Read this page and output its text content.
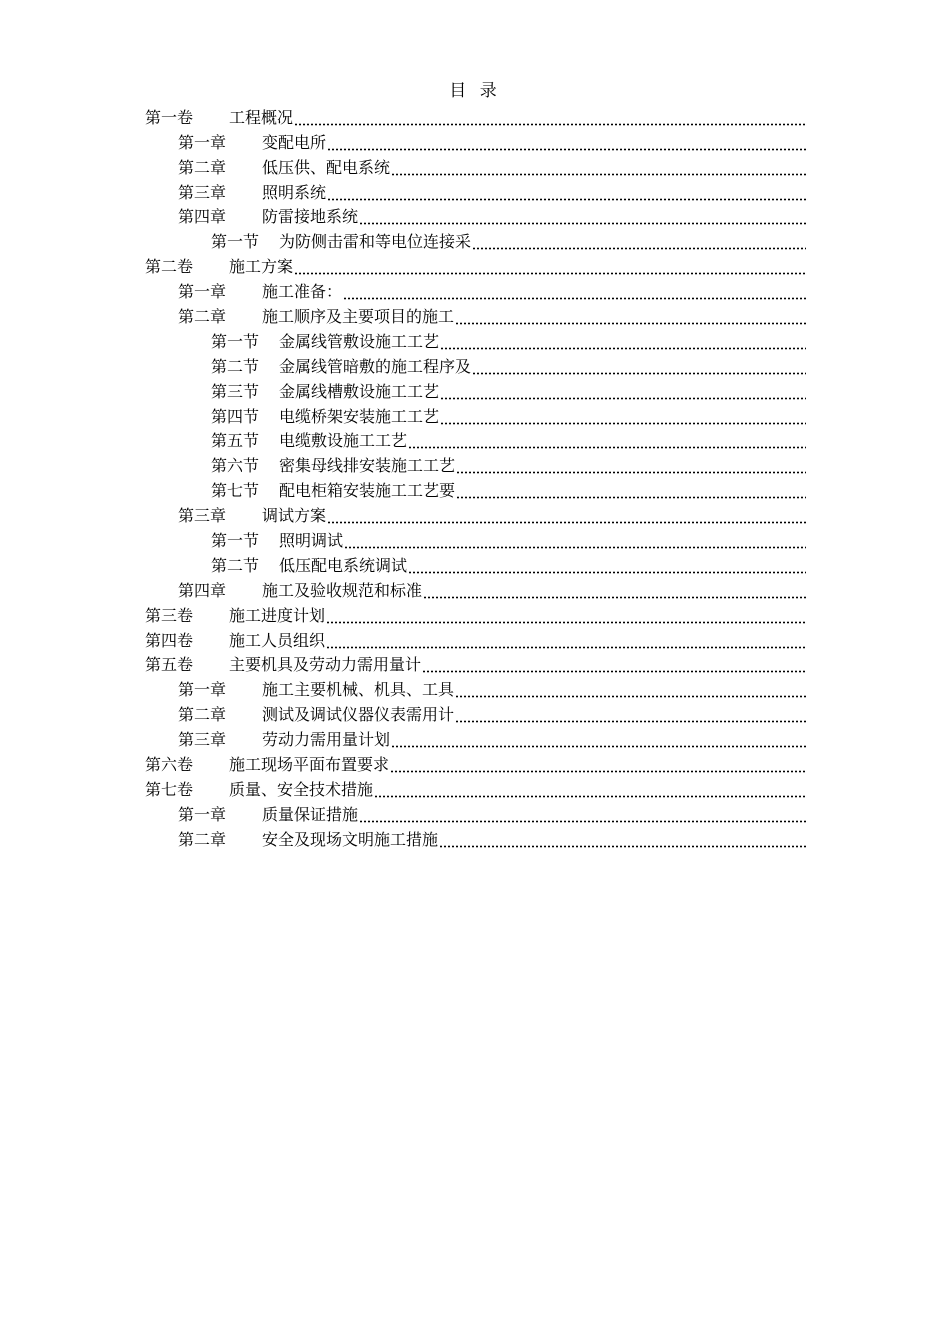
目 录
第一卷	工程概况
第一章	变配电所
第二章	低压供、配电系统
第三章	照明系统
第四章	防雷接地系统
第一节	为防侧击雷和等电位连接采
第二卷	施工方案
第一章	施工准备：
第二章	施工顺序及主要项目的施工
第一节	金属线管敷设施工工艺
第二节	金属线管暗敷的施工程序及
第三节	金属线槽敷设施工工艺
第四节	电缆桥架安装施工工艺
第五节	电缆敷设施工工艺
第六节	密集母线排安装施工工艺
第七节	配电柜箱安装施工工艺要
第三章	调试方案
第一节	照明调试
第二节	低压配电系统调试
第四章	施工及验收规范和标准
第三卷	施工进度计划
第四卷	施工人员组织
第五卷	主要机具及劳动力需用量计
第一章	施工主要机械、机具、工具
第二章	测试及调试仪器仪表需用计
第三章	劳动力需用量计划
第六卷	施工现场平面布置要求
第七卷	质量、安全技术措施
第一章	质量保证措施
第二章	安全及现场文明施工措施
